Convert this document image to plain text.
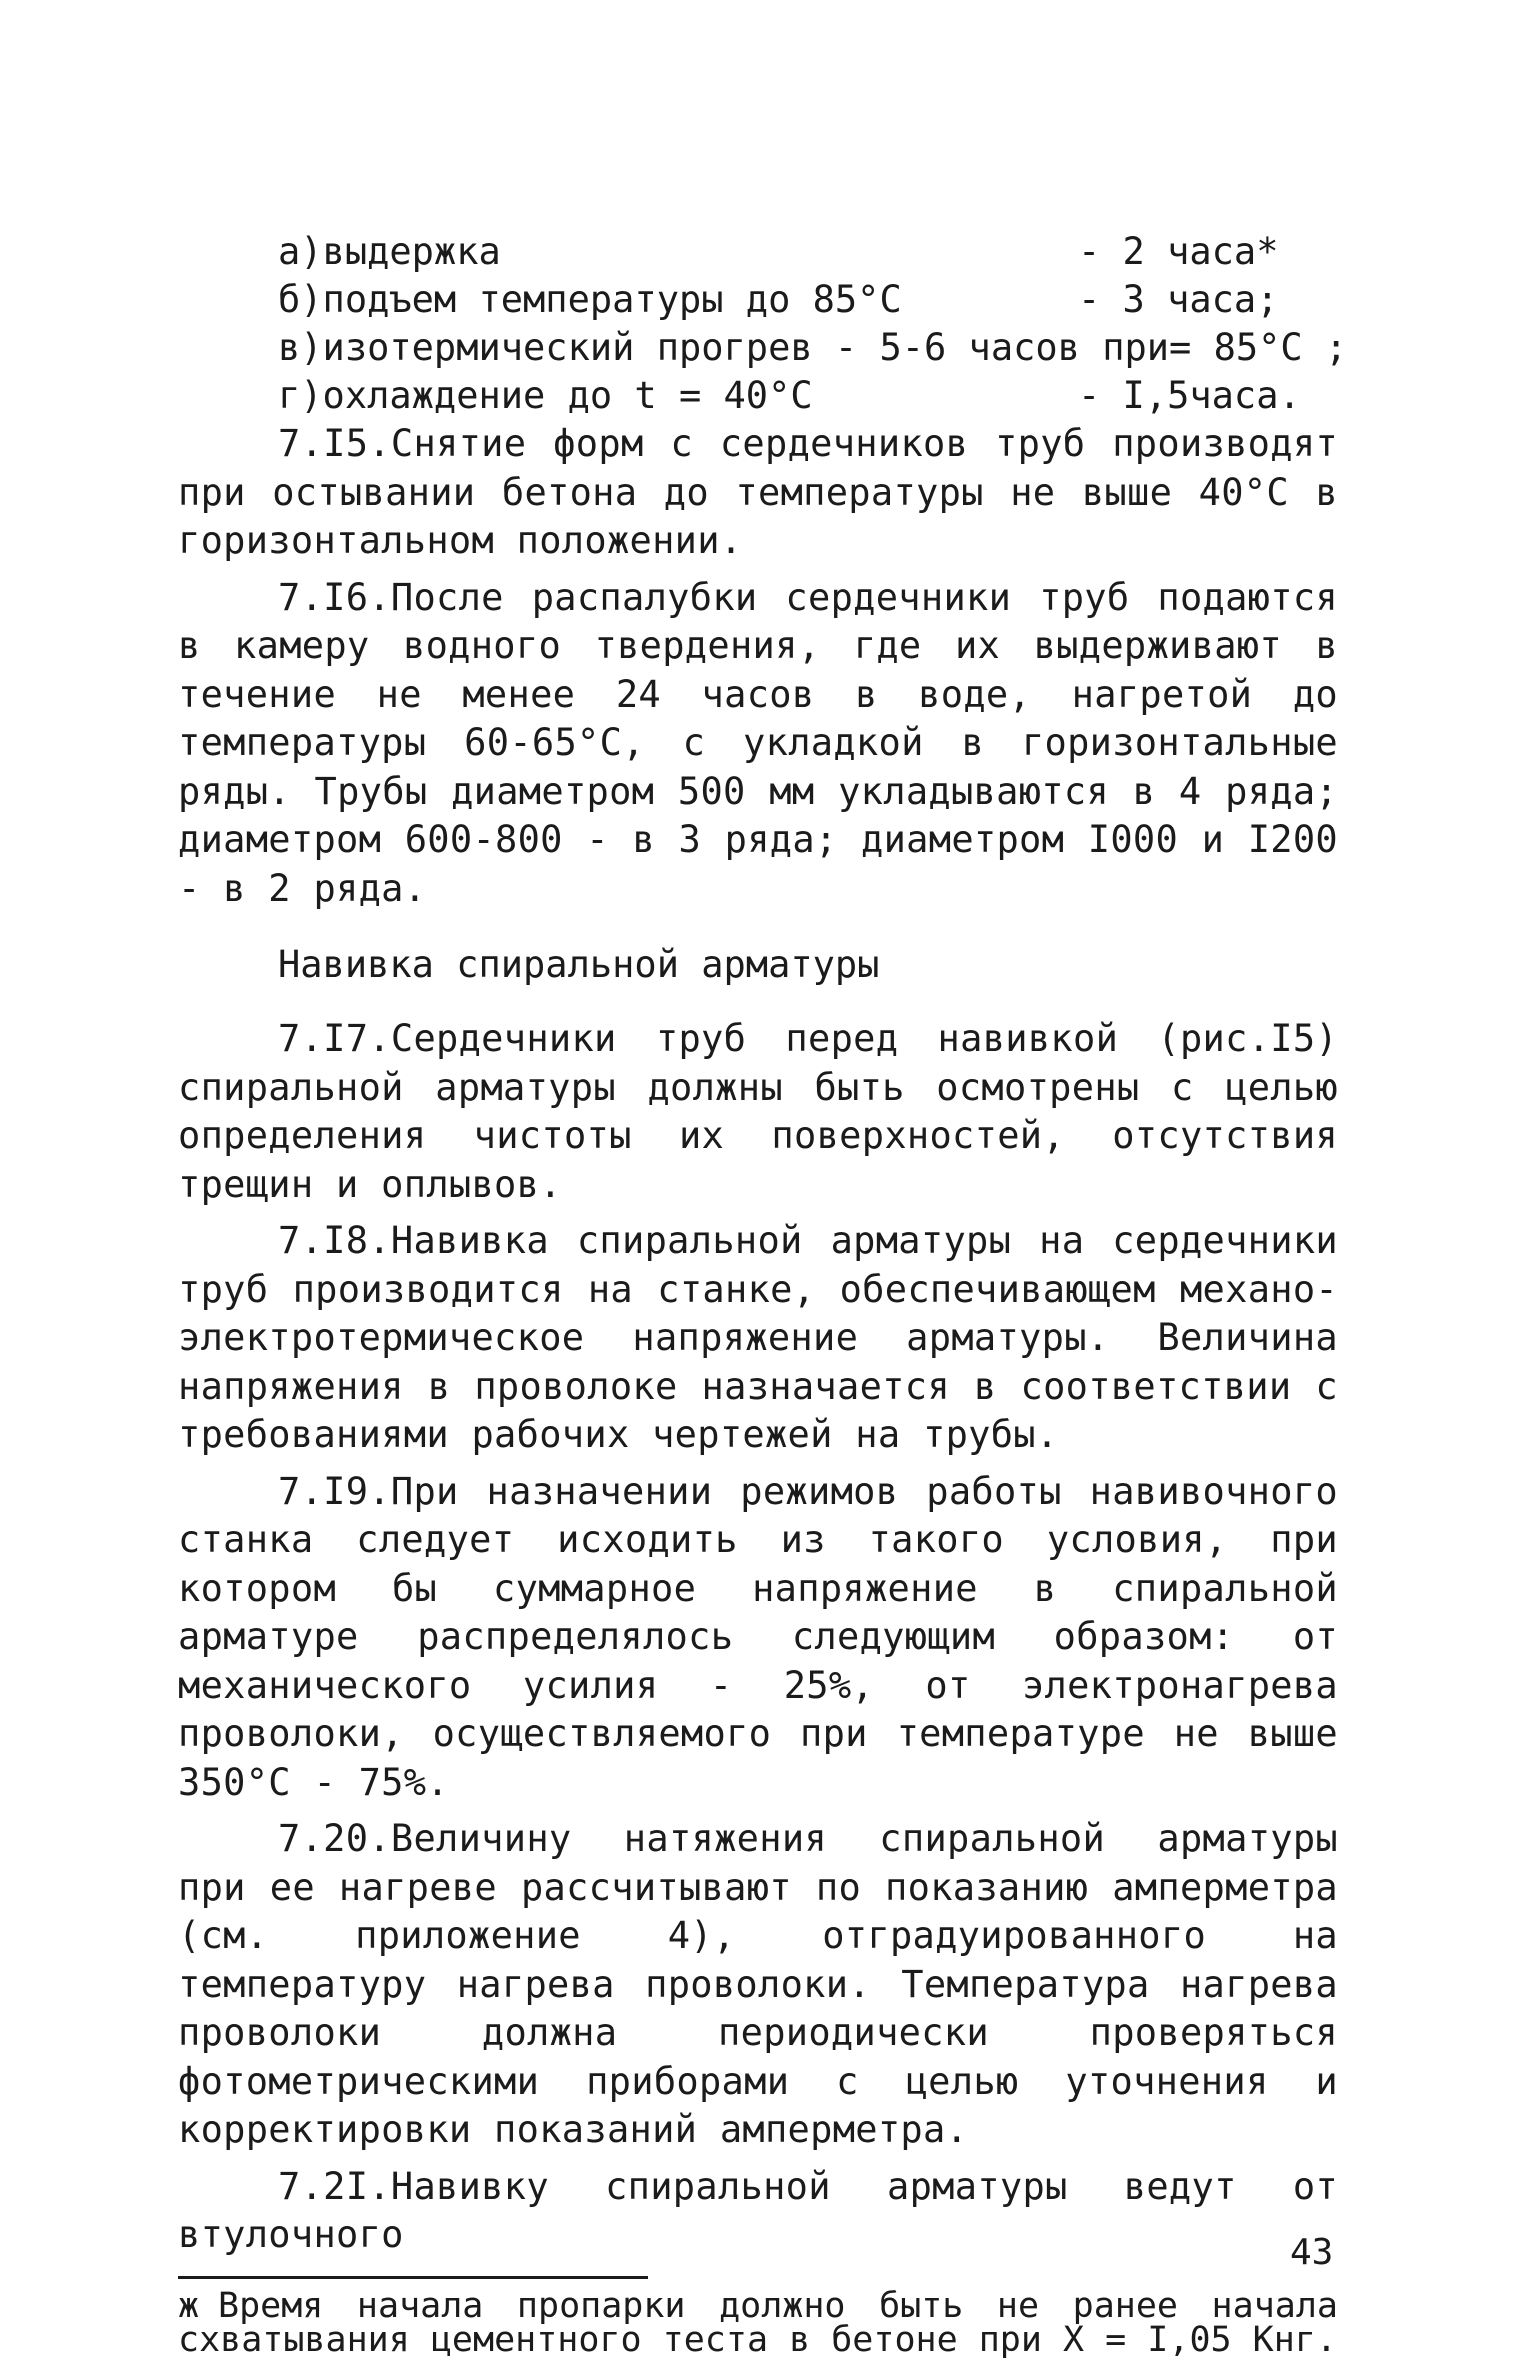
а)выдержка	- 2 часа*
б)подъем температуры до 85°С	- 3 часа;
в)изотермический прогрев - 5-6 часов при = 85°С ;
г)охлаждение до t = 40°С	- I,5часа.

7.I5.Снятие форм с сердечников труб производят при остывании бетона до температуры не выше 40°С в горизонтальном положении.

7.I6.После распалубки сердечники труб подаются в камеру водного твердения, где их выдерживают в течение не менее 24 часов в воде, нагретой до температуры 60-65°С, с укладкой в горизонтальные ряды. Трубы диаметром 500 мм укладываются в 4 ряда; диаметром 600-800 - в 3 ряда; диаметром I000 и I200 - в 2 ряда.

Навивка спиральной арматуры

7.I7.Сердечники труб перед навивкой (рис.I5) спиральной арматуры должны быть осмотрены с целью определения чистоты их поверхностей, отсутствия трещин и оплывов.

7.I8.Навивка спиральной арматуры на сердечники труб производится на станке, обеспечивающем механо-электротермическое напряжение арматуры. Величина напряжения в проволоке назначается в соответствии с требованиями рабочих чертежей на трубы.

7.I9.При назначении режимов работы навивочного станка следует исходить из такого условия, при котором бы суммарное напряжение в спиральной арматуре распределялось следующим образом: от механического усилия - 25%, от электронагрева проволоки, осуществляемого при температуре не выше 350°С - 75%.

7.20.Величину натяжения спиральной арматуры при ее нагреве рассчитывают по показанию амперметра (см. приложение 4), отградуированного на температуру нагрева проволоки. Температура нагрева проволоки должна периодически проверяться фотометрическими приборами с целью уточнения и корректировки показаний амперметра.

7.2I.Навивку спиральной арматуры ведут от втулочного

ж Время начала пропарки должно быть не ранее начала схватывания цементного теста в бетоне при Х = I,05 Кнг.
43
